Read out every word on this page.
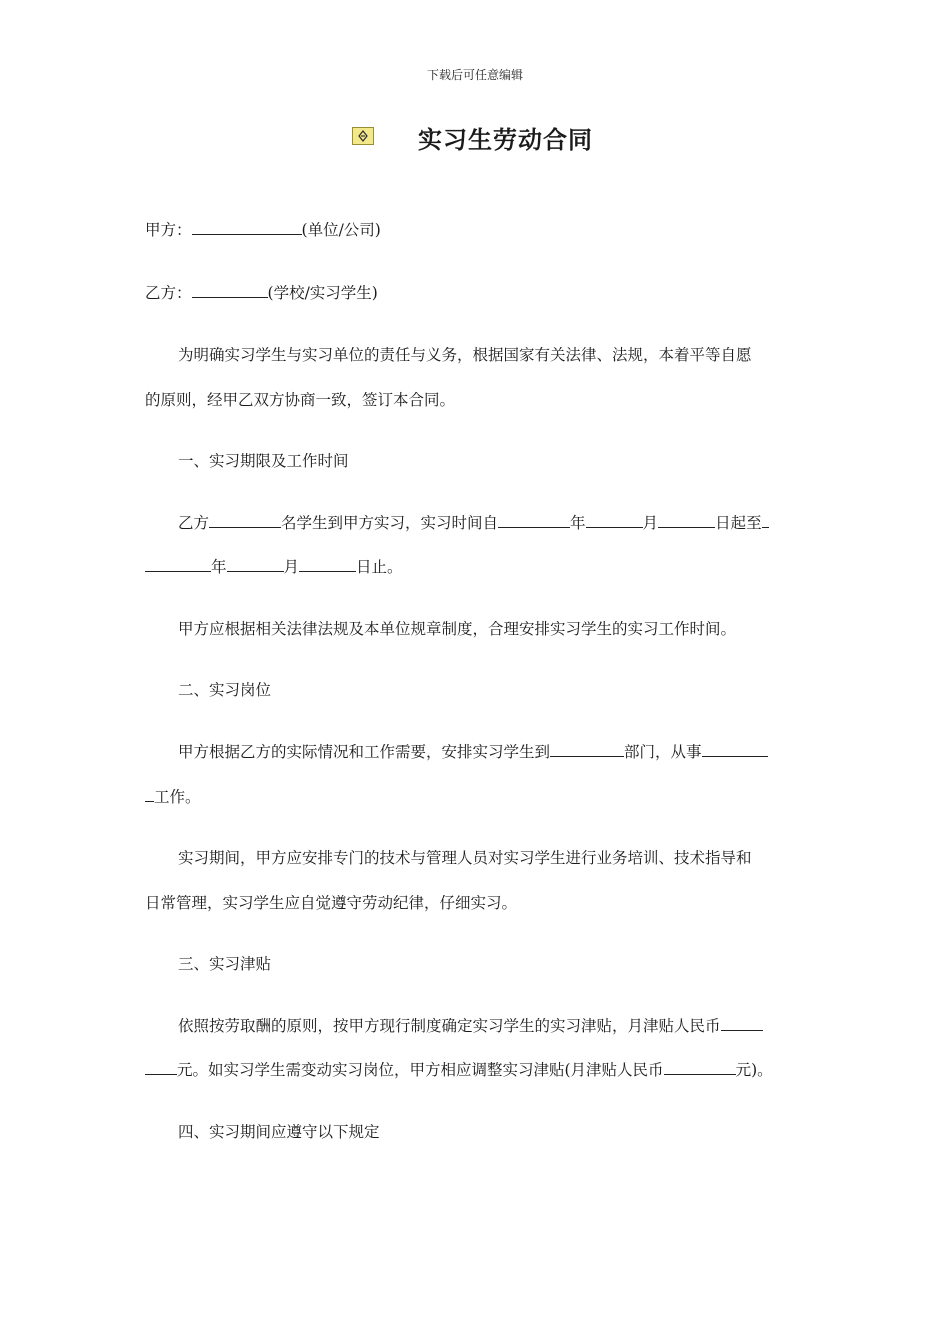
下载后可任意编辑
实习生劳动合同
甲方：	(单位/公司)
乙方：	(学校/实习学生)
为明确实习学生与实习单位的责任与义务，根据国家有关法律、法规，本着平等自愿
的原则，经甲乙双方协商一致，签订本合同。
一、实习期限及工作时间
乙方	名学生到甲方实习，实习时间自	年	月	日起至
年	月	日止。
甲方应根据相关法律法规及本单位规章制度，合理安排实习学生的实习工作时间。
二、实习岗位
甲方根据乙方的实际情况和工作需要，安排实习学生到	部门，从事
工作。
实习期间，甲方应安排专门的技术与管理人员对实习学生进行业务培训、技术指导和
日常管理，实习学生应自觉遵守劳动纪律，仔细实习。
三、实习津贴
依照按劳取酬的原则，按甲方现行制度确定实习学生的实习津贴，月津贴人民币
元。如实习学生需变动实习岗位，甲方相应调整实习津贴(月津贴人民币	元)。
四、实习期间应遵守以下规定
